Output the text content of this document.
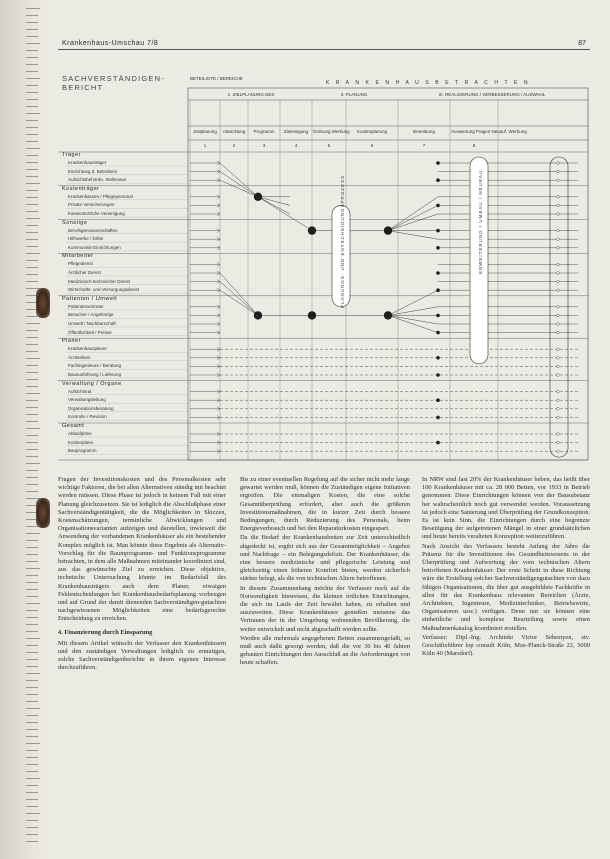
Krankenhaus-Umschau 7/8	87
SACHVERSTÄNDIGEN- BERICHT
BETEILIGTE / BEREICHE
K R A N K E N H A U S B E T R A C H T E N
1. ZIELPLANUNG DES	II. PLANUNG	III. REALISIERUNG / VERBESSERUNG / AUSWAHL
Zeitplanung
1
Abwicklung
2
Programm
3
Zieleinigung
4
Ordnung Werkung
5
Kostenplanung
6
Betreibung
7
Auswertung Fragen Neuauf. Werbung
8
Träger
Krankenhausträger
Einrichtung d. Betreibers
Aufsichtsbehörde, Stellenaus
Kostenträger
Krankenkassen / Pflegepersonal
Private Versicherungen
Kassenärztliche Vereinigung
Sonstige
Berufsgenossenschaften
Hilfswerke / Dritte
Kommunale Einrichtungen
Mitarbeiter
Pflegedienst
Ärztlicher Dienst
Medizinisch-technischer Dienst
Wirtschafts- und Versorgungsdienst
Patienten / Umwelt
Patientenvertreter
Besucher / Angehörige
Umwelt / Nachbarschaft
Öffentlichkeit / Presse
Planer
Krankenhausplaner
Architekten
Fachingenieure / Beratung
Bauausführung / Lieferung
Verwaltung / Organe
Aufsichtsrat
Verwaltungsleitung
Organisationsberatung
Kontrolle / Revision
Gesamt
Ablaufpläne
Kostenpläne
Bauprogramm
PLANUNGS- UND ENTSCHEIDUNGSPROZESS	ERWEITERUNG / UMBAU / NEUBAU

Fragen der Investitionskosten und des Personalkosten sehr wichtige Faktoren, die bei allen Alternativen ständig mit beachtet werden müssen. Diese Phase ist jedoch in keinem Fall mit einer Planung gleichzusetzen. Sie ist lediglich die Abschlußphase einer Sachverständigentätigkeit, die die Möglichkeiten in Skizzen, Kostenschätzungen, terminliche Abwicklungen und Organisationsvarianten aufzeigen und darstellen, inwieweit die Anwendung der vorhandenen Krankenhäuser als ein bestehender Komplex möglich ist. Man könnte diese Ergebnis als Alternativ-Vorschlag für die Raumprogramm- und Funktionsprogramme betrachten, in dem alle Maßnahmen miteinander koordiniert sind, aus das gewünschte Ziel zu erreichen. Diese objektive, technische Untersuchung könnte im Bedarfsfall des Krankenhausträgers auch dem Planer, etwaigen Fehlentscheidungen bei Krankenhausbedarfsplanung vorbeugen und auf Grund der damit dienenden Sachverständigen-gutachten nachgewiesenen Möglichkeiten eine bedarfsgerechte Entscheidung zu erreichen.

4. Finanzierung durch Einsparung

Mit diesem Artikel wünscht der Verfasser den Krankenhäusern und den zuständigen Verwaltungen lediglich zu ermutigen, solche Sachverständigenberichte in ihrem eigenen Interesse durchzuführen.

Bis zu einer eventuellen Regelung auf die sicher nicht mehr lange gewartet werden muß, können die Zuständigen eigene Initiativen ergreifen. Die einmaligen Kosten, die eine solche Gesamtüberprüfung erfordert, aber auch die größeren Investitionsmaßnahmen, die in kurzer Zeit durch bessere Bedingungen, durch Reduzierung des Personals, beim Energieverbrauch und bei den Reparaturkosten eingespart.

Da die Bedarf der Krankenhausbetten zur Zeit unterschiedlich abgedeckt ist, ergibt sich aus der Gesamtmöglichkeit – Angebot und Nachfrage – ein Belegungsdefizit. Der Krankenhäuser, die eine bessere medizinische und pflegerische Leistung und gleichzeitig einen höheren Komfort bieten, werden sicherlich stärker belegt, als die von technischen Altern betroffenen.

In diesem Zusammenhang möchte der Verfasser noch auf die Notwendigkeit hinweisen, die kleinen örtlichen Einrichtungen, die sich im Laufe der Zeit bewährt haben, zu erhalten und auszuweiten. Diese Krankenhäuser genießen meistens das Vertrauen der in der Umgebung wohnenden Bevölkerung, die weiter entwickelt und nicht abgeschafft werden sollte.

Werden alle mehrmals angegebenen Betten zusammengefaßt, so muß auch daßü gesorgt werden, daß die vor 30 bis 40 Jahren gebauten Einrichtungen den Ausschluß an die Anforderungen von heute schaffen.

In NRW sind fast 20% der Krankenhäuser heben, das heißt über 100 Krankenhäuser mit ca. 28 000 Betten, vor 1933 in Betrieb genommen. Diese Einrichtungen können von der Bausubstanz her wahrscheinlich noch gut verwendet werden. Voraussetzung ist jedoch eine Sanierung und Überprüfung der Grundkonzeption. Es ist kein Sinn, die Einrichtungen durch eine begrenzte Beseitigung der aufgetretenen Mängel in einer grundsätzlichen und heute bereits veralteten Konzeption weiterzuführen.

Nach Ansicht des Verfassers besteht Anfang der Jahre die Präsenz für die Investitionen des Gesundheitswesens in der Überprüfung und Aufwertung der vom technischen Altern betroffenen Krankenhäuser. Der erste Schritt in diese Richtung wäre die Erstellung solcher Sachverständigengutachten von dazu fähigen Organisationen, die über gut ausgebildete Fachkräfte in allen für das Krankenhaus relevanten Bereichen (Ärzte, Architekten, Ingenieure, Medizintechniker, Betriebswirte, Organisatoren usw.) verfügen. Denn nur sie können eine einheitliche und komplexe Beurteilung sowie einen Maßnahmenkatalog koordiniert erstellen.

Verfasser: Dipl.-Ing. Architekt Victor Sebestyen, stv. Geschäftsführer lop consult Köln, Max-Planck-Straße 22, 5000 Köln 40 (Marsdorf).
